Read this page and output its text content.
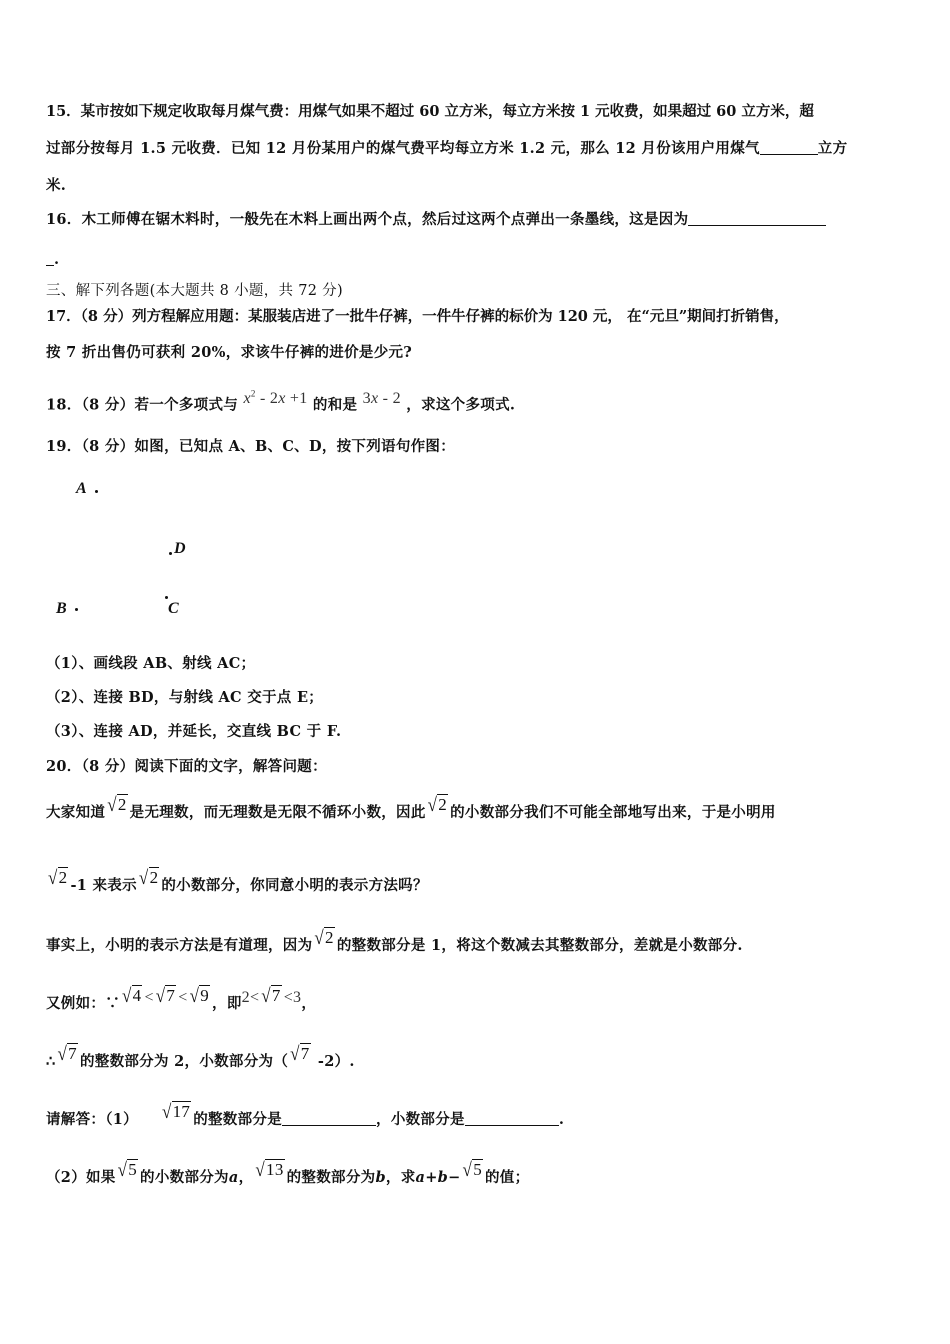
15．某市按如下规定收取每月煤气费：用煤气如果不超过 60 立方米，每立方米按 1 元收费，如果超过 60 立方米，超
过部分按每月 1.5 元收费．已知 12 月份某用户的煤气费平均每立方米 1.2 元，那么 12 月份该用户用煤气	立方
米.
16．木工师傅在锯木料时，一般先在木料上画出两个点，然后过这两个点弹出一条墨线，这是因为
.
三、解下列各题(本大题共 8 小题，共 72 分)
17．（8 分）列方程解应用题：某服装店进了一批牛仔裤，一件牛仔裤的标价为 120 元， 在“元旦”期间打折销售，
按 7 折出售仍可获利 20%，求该牛仔裤的进价是少元?
18．（8 分）若一个多项式与 $x^2 - 2x +1$ 的和是 3x - 2 ，求这个多项式.
19．（8 分）如图，已知点 A、B、C、D，按下列语句作图：
A
D
B	C
（1）、画线段 AB、射线 AC；
（2）、连接 BD，与射线 AC 交于点 E；
（3）、连接 AD，并延长，交直线 BC 于 F.
20．（8 分）阅读下面的文字，解答问题：
大家知道 √2 是无理数，而无理数是无限不循环小数，因此 √2 的小数部分我们不可能全部地写出来，于是小明用
√2 -1 来表示 √2 的小数部分，你同意小明的表示方法吗？
事实上，小明的表示方法是有道理，因为 √2 的整数部分是 1，将这个数减去其整数部分，差就是小数部分.
又例如：∵ √4 < √7 < √9 ，即2< √7 <3，
∴ √7 的整数部分为 2，小数部分为（ √7 -2）.
请解答：（1） √17 的整数部分是	，小数部分是	.
（2）如果 √5 的小数部分为a， √13 的整数部分为b，求a+b− √5 的值；
